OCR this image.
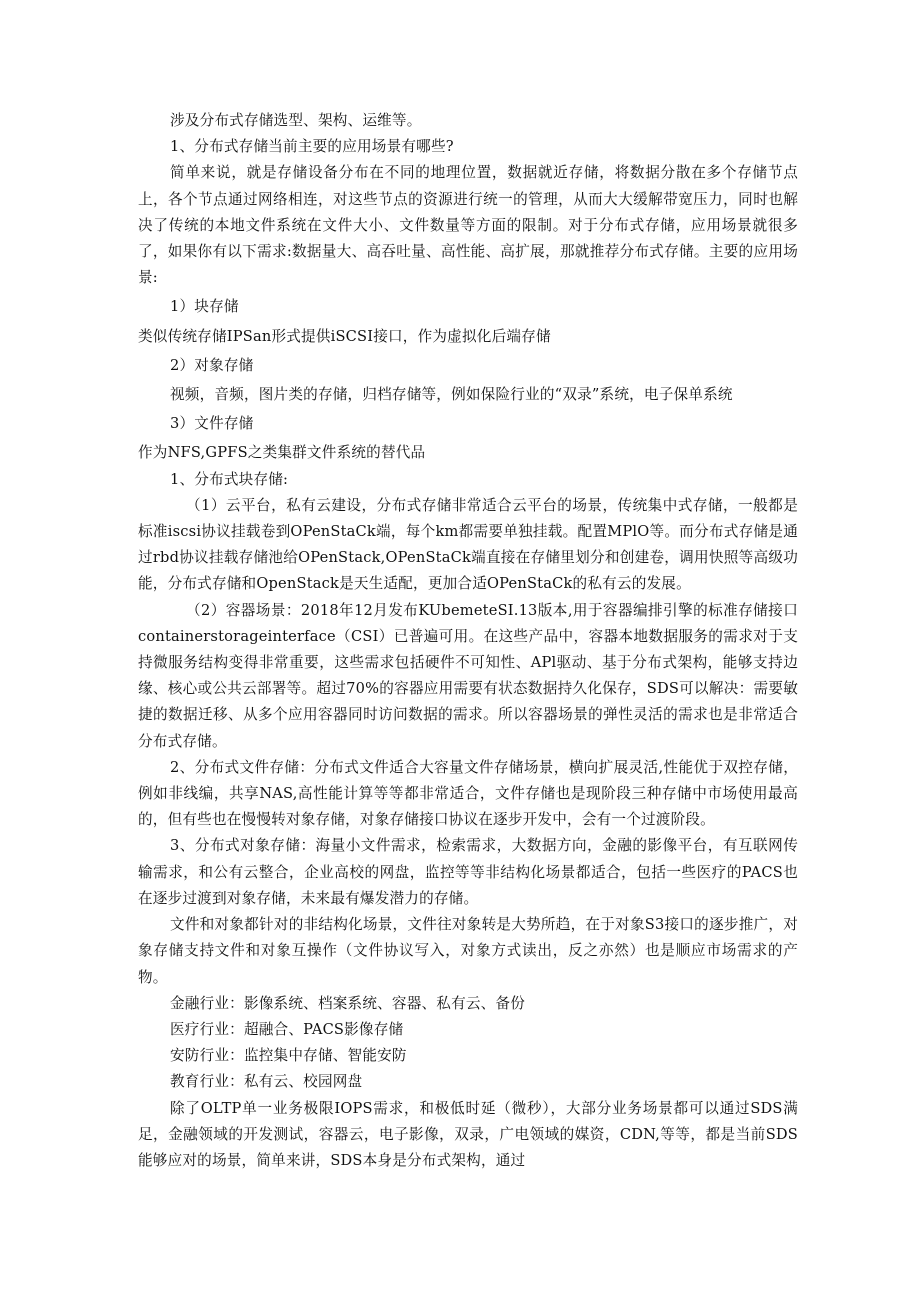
涉及分布式存储选型、架构、运维等。

1、分布式存储当前主要的应用场景有哪些?

简单来说，就是存储设备分布在不同的地理位置，数据就近存储，将数据分散在多个存储节点上，各个节点通过网络相连，对这些节点的资源进行统一的管理，从而大大缓解带宽压力，同时也解决了传统的本地文件系统在文件大小、文件数量等方面的限制。对于分布式存储，应用场景就很多了，如果你有以下需求:数据量大、高吞吐量、高性能、高扩展，那就推荐分布式存储。主要的应用场景:

1）块存储

类似传统存储IPSan形式提供iSCSI接口，作为虚拟化后端存储

2）对象存储

视频，音频，图片类的存储，归档存储等，例如保险行业的“双录”系统，电子保单系统

3）文件存储

作为NFS,GPFS之类集群文件系统的替代品

1、分布式块存储:

（1）云平台，私有云建设，分布式存储非常适合云平台的场景，传统集中式存储，一般都是标准iscsi协议挂载卷到OPenStaCk端，每个km都需要单独挂载。配置MPlO等。而分布式存储是通过rbd协议挂载存储池给OPenStack,OPenStaCk端直接在存储里划分和创建卷，调用快照等高级功能，分布式存储和OpenStack是天生适配，更加合适OPenStaCk的私有云的发展。

（2）容器场景：2018年12月发布KUbemeteSI.13版本,用于容器编排引擎的标准存储接口containerstorageinterface（CSI）已普遍可用。在这些产品中，容器本地数据服务的需求对于支持微服务结构变得非常重要，这些需求包括硬件不可知性、APl驱动、基于分布式架构，能够支持边缘、核心或公共云部署等。超过70%的容器应用需要有状态数据持久化保存，SDS可以解决：需要敏捷的数据迁移、从多个应用容器同时访问数据的需求。所以容器场景的弹性灵活的需求也是非常适合分布式存储。

2、分布式文件存储：分布式文件适合大容量文件存储场景，横向扩展灵活,性能优于双控存储，例如非线编，共享NAS,高性能计算等等都非常适合，文件存储也是现阶段三种存储中市场使用最高的，但有些也在慢慢转对象存储，对象存储接口协议在逐步开发中，会有一个过渡阶段。

3、分布式对象存储：海量小文件需求，检索需求，大数据方向，金融的影像平台，有互联网传输需求，和公有云整合，企业高校的网盘，监控等等非结构化场景都适合，包括一些医疗的PACS也在逐步过渡到对象存储，未来最有爆发潜力的存储。

文件和对象都针对的非结构化场景，文件往对象转是大势所趋，在于对象S3接口的逐步推广，对象存储支持文件和对象互操作（文件协议写入，对象方式读出，反之亦然）也是顺应市场需求的产物。

金融行业：影像系统、档案系统、容器、私有云、备份

医疗行业：超融合、PACS影像存储

安防行业：监控集中存储、智能安防

教育行业：私有云、校园网盘

除了OLTP单一业务极限IOPS需求，和极低时延（微秒），大部分业务场景都可以通过SDS满足，金融领域的开发测试，容器云，电子影像，双录，广电领域的媒资，CDN,等等，都是当前SDS能够应对的场景，简单来讲，SDS本身是分布式架构，通过
